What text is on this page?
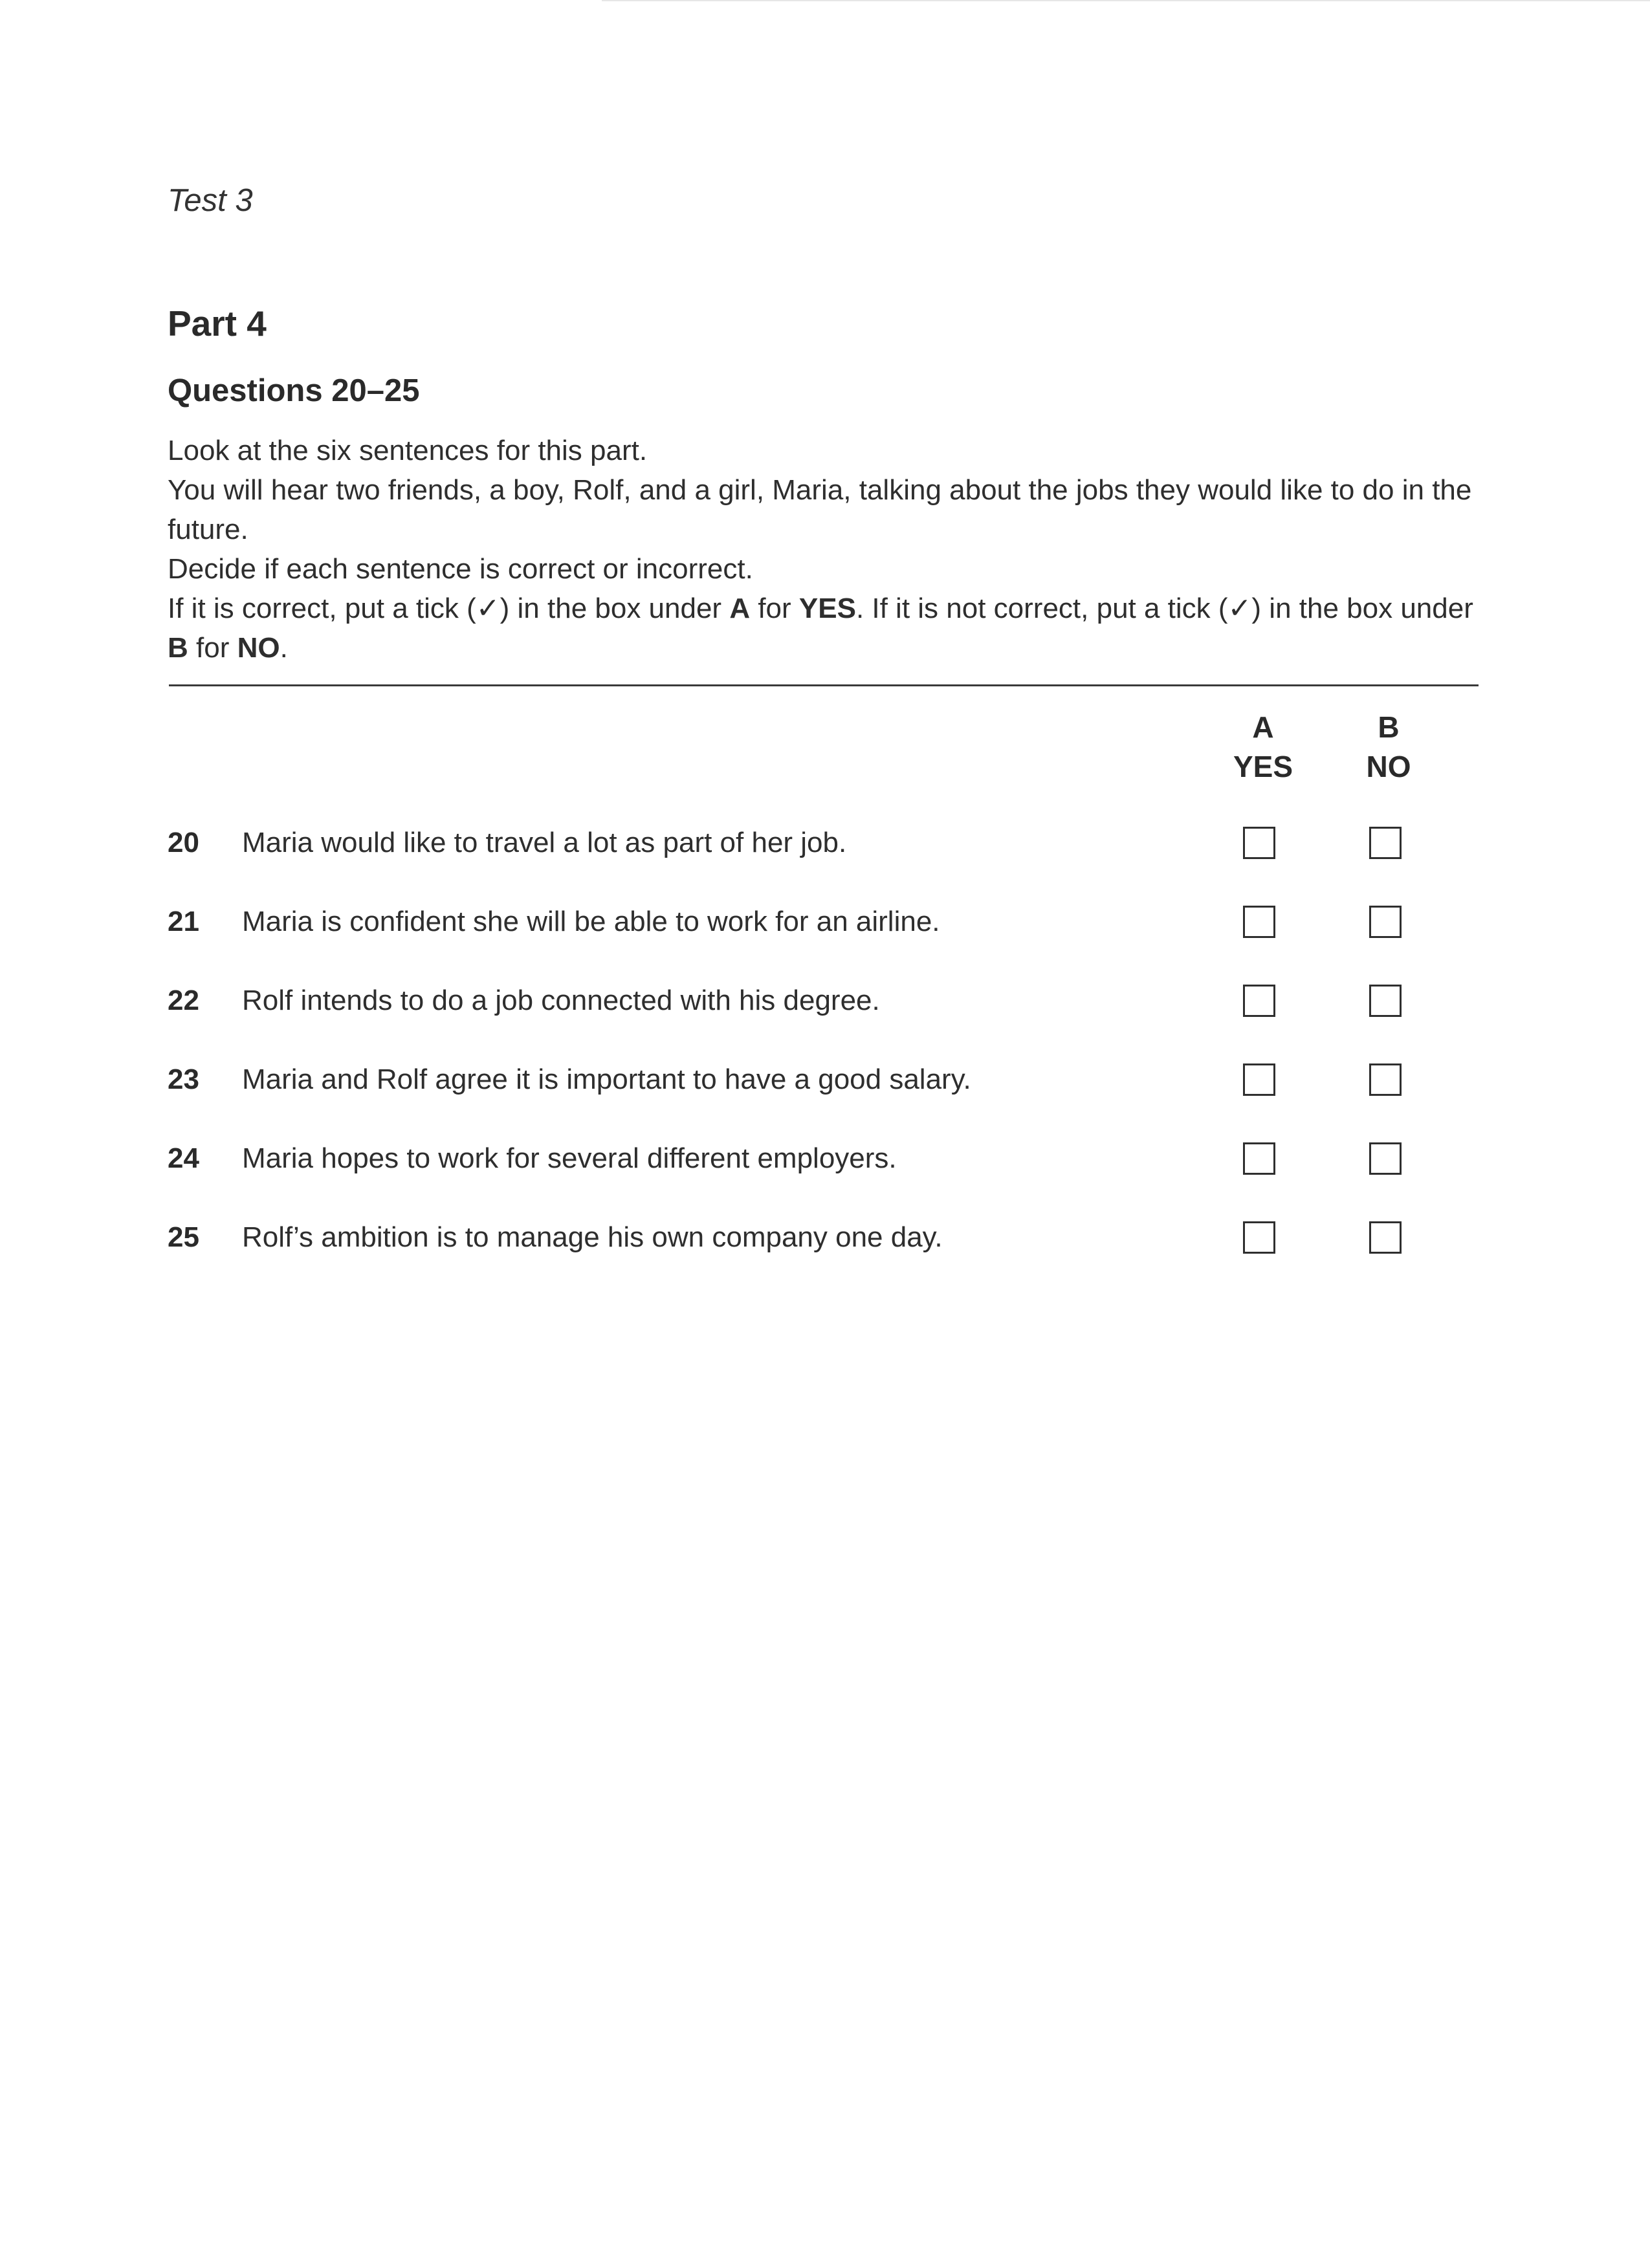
Test 3
Part 4
Questions 20–25

Look at the six sentences for this part.

You will hear two friends, a boy, Rolf, and a girl, Maria, talking about the jobs they would like to do in the future.

Decide if each sentence is correct or incorrect.

If it is correct, put a tick (✓) in the box under A for YES. If it is not correct, put a tick (✓) in the box under B for NO.

A
YES
B
NO
20 Maria would like to travel a lot as part of her job.
21 Maria is confident she will be able to work for an airline.
22 Rolf intends to do a job connected with his degree.
23 Maria and Rolf agree it is important to have a good salary.
24 Maria hopes to work for several different employers.
25 Rolf’s ambition is to manage his own company one day.
